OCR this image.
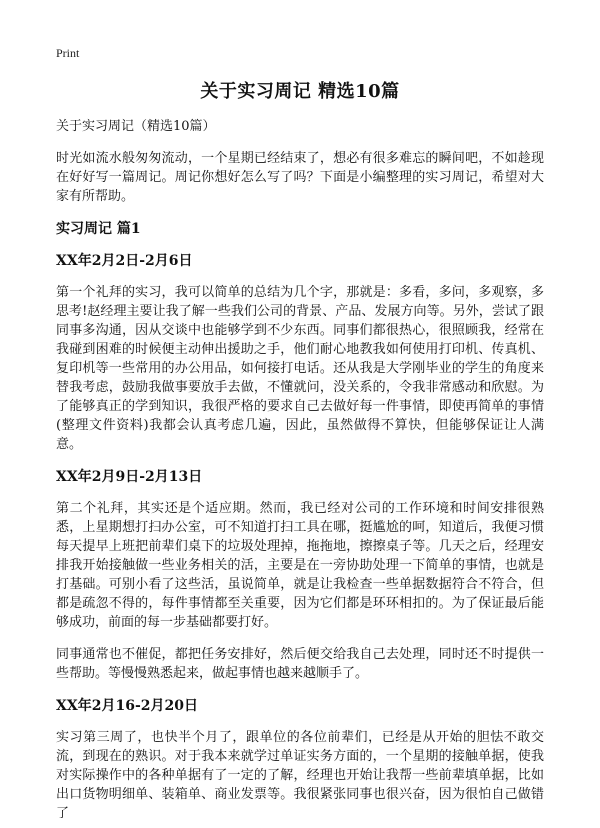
Print
关于实习周记 精选10篇
关于实习周记（精选10篇）

时光如流水般匆匆流动，一个星期已经结束了，想必有很多难忘的瞬间吧，不如趁现在好好写一篇周记。周记你想好怎么写了吗？下面是小编整理的实习周记，希望对大家有所帮助。

实习周记 篇1
XX年2月2日-2月6日

第一个礼拜的实习，我可以简单的总结为几个字，那就是：多看，多问，多观察，多思考!赵经理主要让我了解一些我们公司的背景、产品、发展方向等。另外，尝试了跟同事多沟通，因从交谈中也能够学到不少东西。同事们都很热心，很照顾我，经常在我碰到困难的时候便主动伸出援助之手，他们耐心地教我如何使用打印机、传真机、复印机等一些常用的办公用品，如何接打电话。还从我是大学刚毕业的学生的角度来替我考虑，鼓励我做事要放手去做，不懂就问，没关系的，令我非常感动和欣慰。为了能够真正的学到知识，我很严格的要求自己去做好每一件事情，即使再简单的事情(整理文件资料)我都会认真考虑几遍，因此，虽然做得不算快，但能够保证让人满意。

XX年2月9日-2月13日

第二个礼拜，其实还是个适应期。然而，我已经对公司的工作环境和时间安排很熟悉，上星期想打扫办公室，可不知道打扫工具在哪，挺尴尬的呵，知道后，我便习惯每天提早上班把前辈们桌下的垃圾处理掉，拖拖地，擦擦桌子等。几天之后，经理安排我开始接触做一些业务相关的活，主要是在一旁协助处理一下简单的事情，也就是打基础。可别小看了这些活，虽说简单，就是让我检查一些单据数据符合不符合，但都是疏忽不得的，每件事情都至关重要，因为它们都是环环相扣的。为了保证最后能够成功，前面的每一步基础都要打好。

同事通常也不催促，都把任务安排好，然后便交给我自己去处理，同时还不时提供一些帮助。等慢慢熟悉起来，做起事情也越来越顺手了。

XX年2月16-2月20日

实习第三周了，也快半个月了，跟单位的各位前辈们，已经是从开始的胆怯不敢交流，到现在的熟识。对于我本来就学过单证实务方面的，一个星期的接触单据，使我对实际操作中的各种单据有了一定的了解，经理也开始让我帮一些前辈填单据，比如出口货物明细单、装箱单、商业发票等。我很紧张同事也很兴奋，因为很怕自己做错了
